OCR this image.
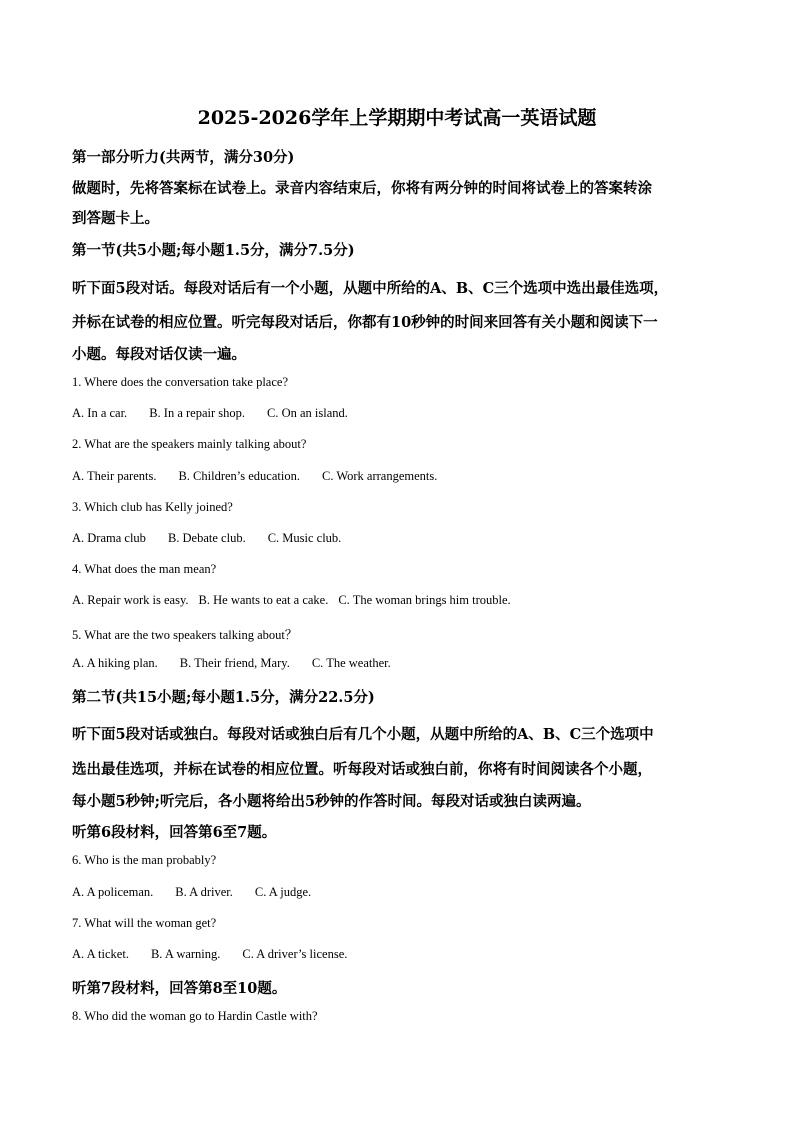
2025-2026学年上学期期中考试高一英语试题
第一部分听力(共两节，满分30分)
做题时，先将答案标在试卷上。录音内容结束后，你将有两分钟的时间将试卷上的答案转涂
到答题卡上。
第一节(共5小题;每小题1.5分，满分7.5分)
听下面5段对话。每段对话后有一个小题，从题中所给的A、B、C三个选项中选出最佳选项，
并标在试卷的相应位置。听完每段对话后，你都有10秒钟的时间来回答有关小题和阅读下一
小题。每段对话仅读一遍。
1. Where does the conversation take place?
A. In a car. B. In a repair shop. C. On an island.
2. What are the speakers mainly talking about?
A. Their parents. B. Children’s education. C. Work arrangements.
3. Which club has Kelly joined?
A. Drama club B. Debate club. C. Music club.
4. What does the man mean?
A. Repair work is easy. B. He wants to eat a cake. C. The woman brings him trouble.
5. What are the two speakers talking about？
A. A hiking plan. B. Their friend, Mary. C. The weather.
第二节(共15小题;每小题1.5分，满分22.5分)
听下面5段对话或独白。每段对话或独白后有几个小题，从题中所给的A、B、C三个选项中
选出最佳选项，并标在试卷的相应位置。听每段对话或独白前，你将有时间阅读各个小题，
每小题5秒钟;听完后，各小题将给出5秒钟的作答时间。每段对话或独白读两遍。
听第6段材料，回答第6至7题。
6. Who is the man probably?
A. A policeman. B. A driver. C. A judge.
7. What will the woman get?
A. A ticket. B. A warning. C. A driver’s license.
听第7段材料，回答第8至10题。
8. Who did the woman go to Hardin Castle with?
